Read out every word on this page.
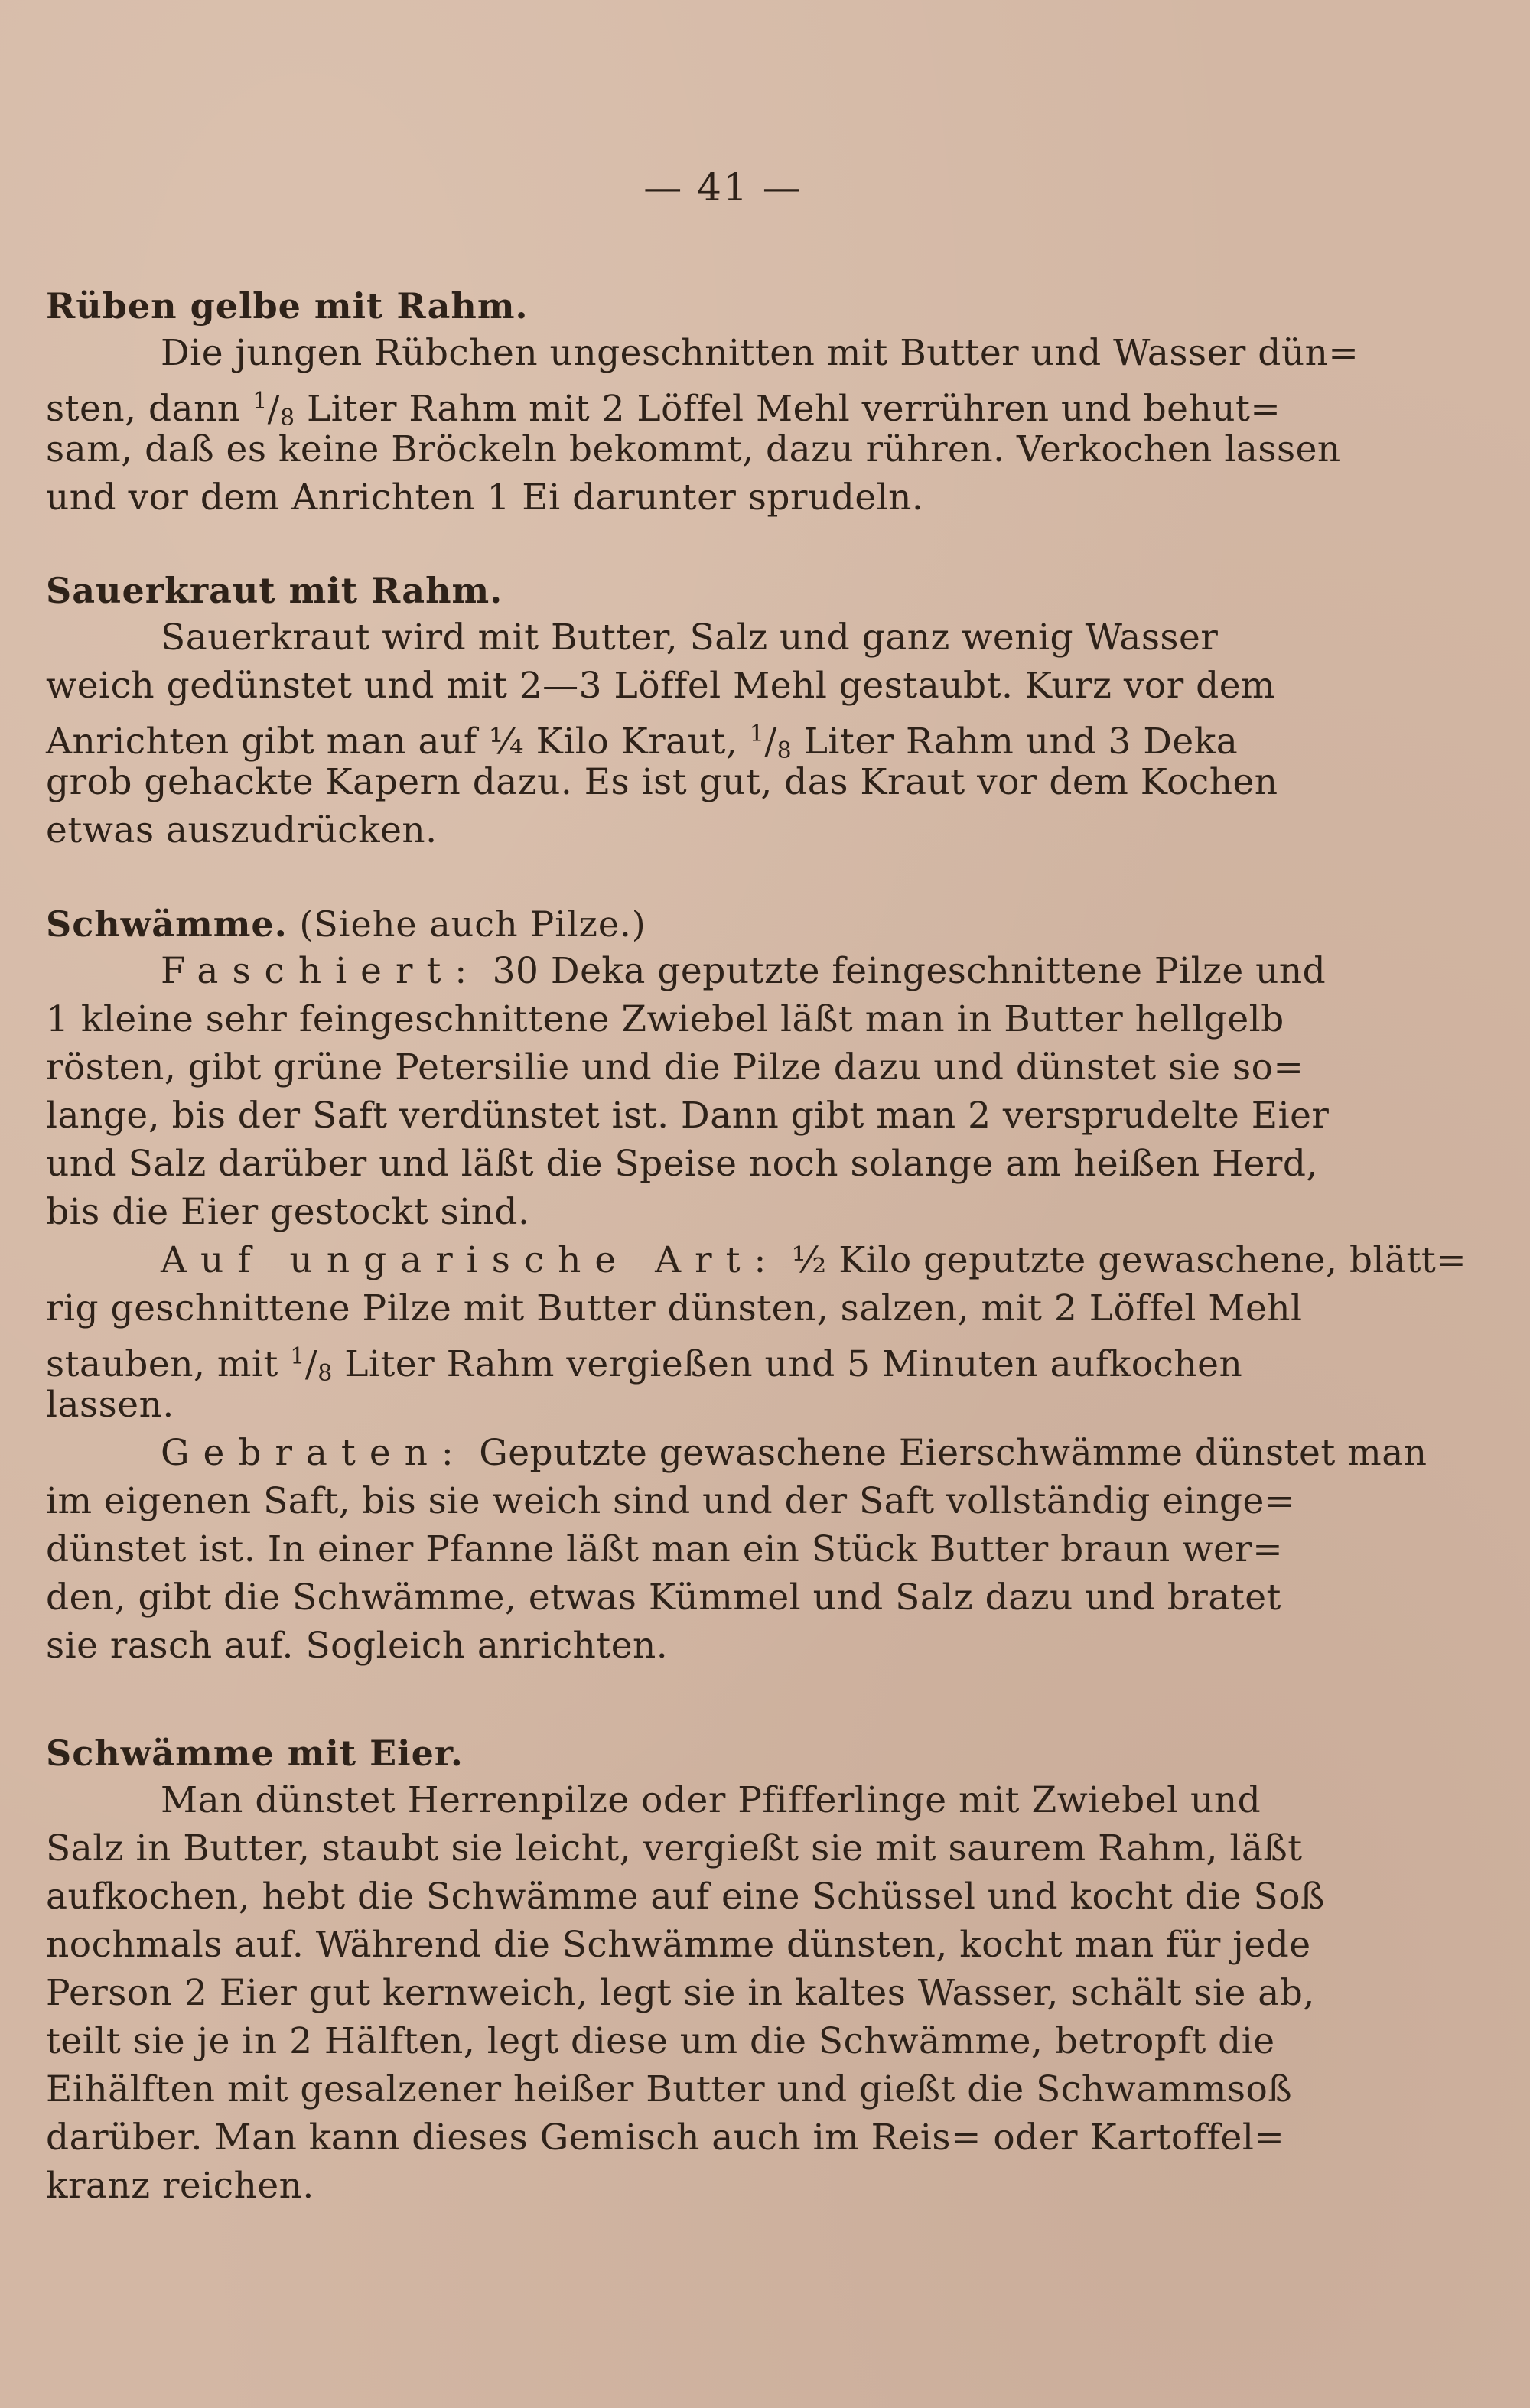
— 41 —
Rüben gelbe mit Rahm.
Die jungen Rübchen ungeschnitten mit Butter und Wasser dün=
sten, dann $^1/_8$ Liter Rahm mit 2 Löffel Mehl verrühren und behut=
sam, daß es keine Bröckeln bekommt, dazu rühren. Verkochen lassen
und vor dem Anrichten 1 Ei darunter sprudeln.
Sauerkraut mit Rahm.
Sauerkraut wird mit Butter, Salz und ganz wenig Wasser
weich gedünstet und mit 2—3 Löffel Mehl gestaubt. Kurz vor dem
Anrichten gibt man auf ¼ Kilo Kraut, $^1/_8$ Liter Rahm und 3 Deka
grob gehackte Kapern dazu. Es ist gut, das Kraut vor dem Kochen
etwas auszudrücken.
Schwämme. (Siehe auch Pilze.)
Faschiert: 30 Deka geputzte feingeschnittene Pilze und
1 kleine sehr feingeschnittene Zwiebel läßt man in Butter hellgelb
rösten, gibt grüne Petersilie und die Pilze dazu und dünstet sie so=
lange, bis der Saft verdünstet ist. Dann gibt man 2 versprudelte Eier
und Salz darüber und läßt die Speise noch solange am heißen Herd,
bis die Eier gestockt sind.
Auf ungarische Art: ½ Kilo geputzte gewaschene, blätt=
rig geschnittene Pilze mit Butter dünsten, salzen, mit 2 Löffel Mehl
stauben, mit $^1/_8$ Liter Rahm vergießen und 5 Minuten aufkochen
lassen.
Gebraten: Geputzte gewaschene Eierschwämme dünstet man
im eigenen Saft, bis sie weich sind und der Saft vollständig einge=
dünstet ist. In einer Pfanne läßt man ein Stück Butter braun wer=
den, gibt die Schwämme, etwas Kümmel und Salz dazu und bratet
sie rasch auf. Sogleich anrichten.
Schwämme mit Eier.
Man dünstet Herrenpilze oder Pfifferlinge mit Zwiebel und
Salz in Butter, staubt sie leicht, vergießt sie mit saurem Rahm, läßt
aufkochen, hebt die Schwämme auf eine Schüssel und kocht die Soß
nochmals auf. Während die Schwämme dünsten, kocht man für jede
Person 2 Eier gut kernweich, legt sie in kaltes Wasser, schält sie ab,
teilt sie je in 2 Hälften, legt diese um die Schwämme, betropft die
Eihälften mit gesalzener heißer Butter und gießt die Schwammsoß
darüber. Man kann dieses Gemisch auch im Reis= oder Kartoffel=
kranz reichen.
